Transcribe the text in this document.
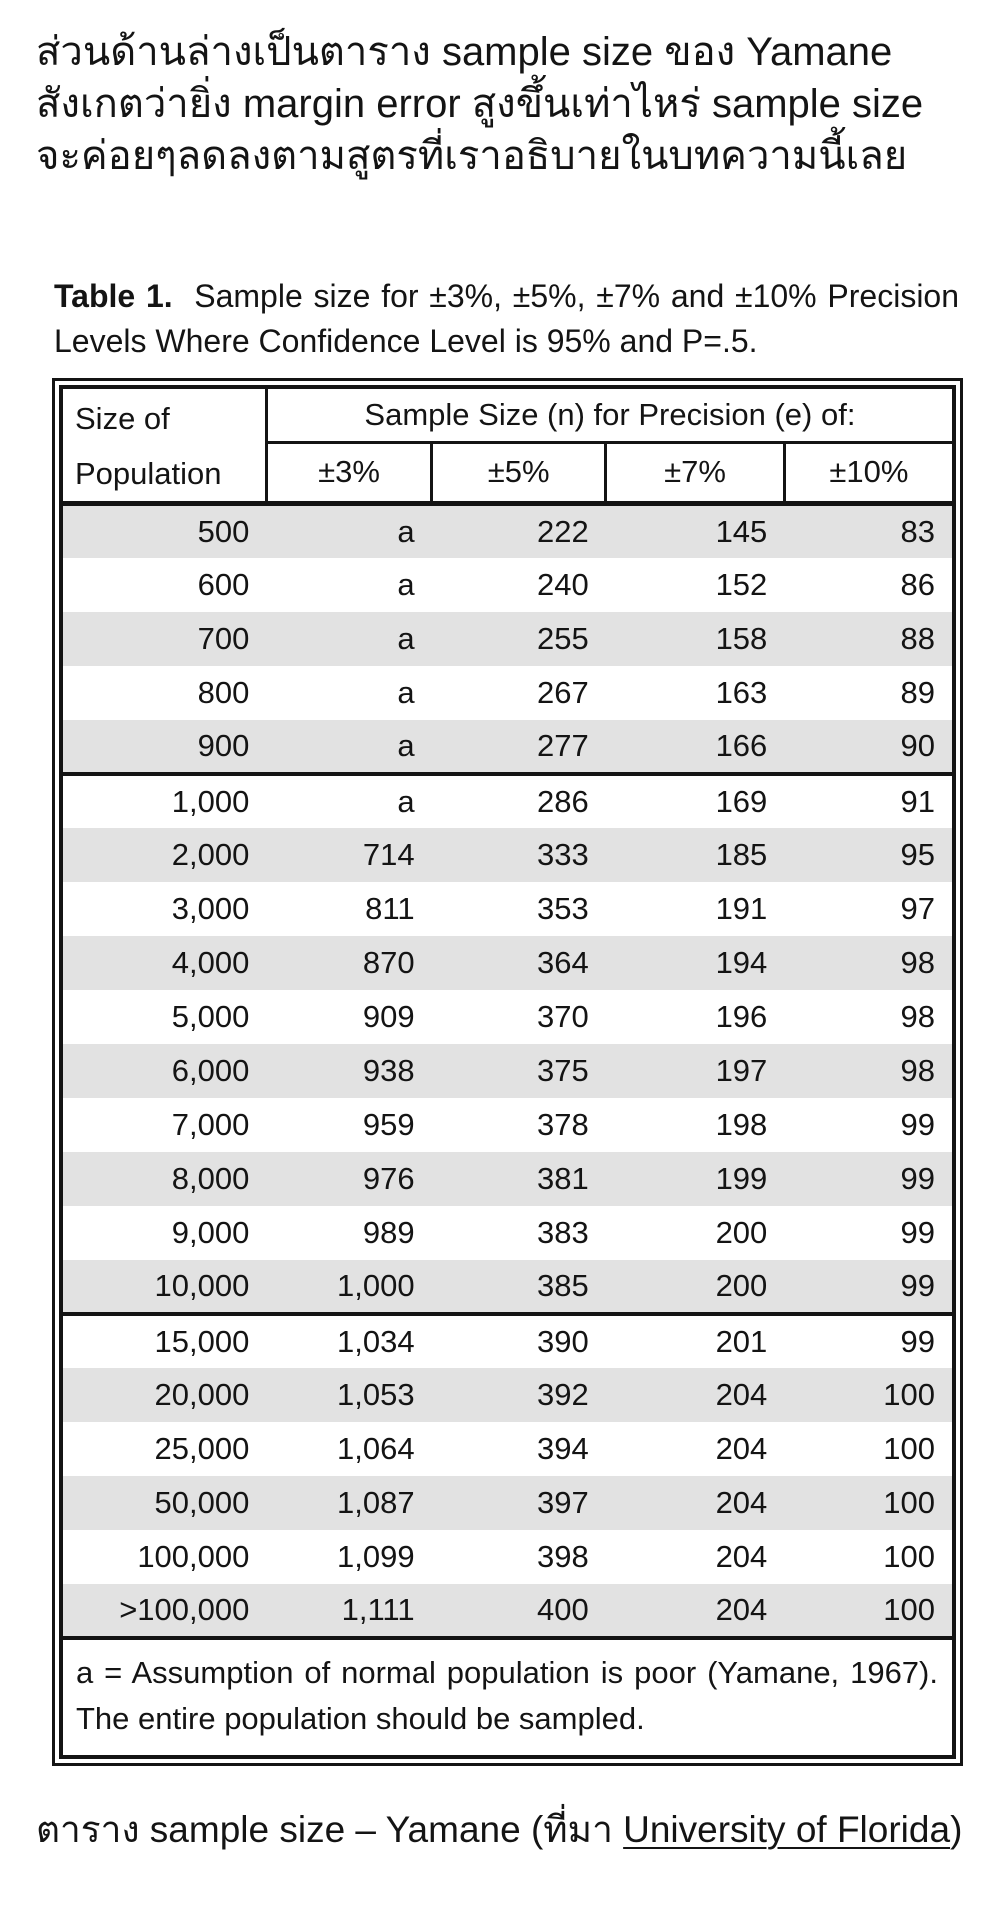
ส่วนด้านล่างเป็นตาราง sample size ของ Yamane สังเกตว่ายิ่ง margin error สูงขึ้นเท่าไหร่ sample size จะค่อยๆลดลงตามสูตรที่เราอธิบายในบทความนี้เลย

Table 1. Sample size for ±3%, ±5%, ±7% and ±10% Precision Levels Where Confidence Level is 95% and P=.5.

Size of
Population	Sample Size (n) for Precision (e) of:			
	±3%	±5%	±7%	±10%
500	a	222	145	83
600	a	240	152	86
700	a	255	158	88
800	a	267	163	89
900	a	277	166	90
1,000	a	286	169	91
2,000	714	333	185	95
3,000	811	353	191	97
4,000	870	364	194	98
5,000	909	370	196	98
6,000	938	375	197	98
7,000	959	378	198	99
8,000	976	381	199	99
9,000	989	383	200	99
10,000	1,000	385	200	99
15,000	1,034	390	201	99
20,000	1,053	392	204	100
25,000	1,064	394	204	100
50,000	1,087	397	204	100
100,000	1,099	398	204	100
>100,000	1,111	400	204	100
a = Assumption of normal population is poor (Yamane, 1967). The entire population should be sampled.				

ตาราง sample size – Yamane (ที่มา University of Florida)
